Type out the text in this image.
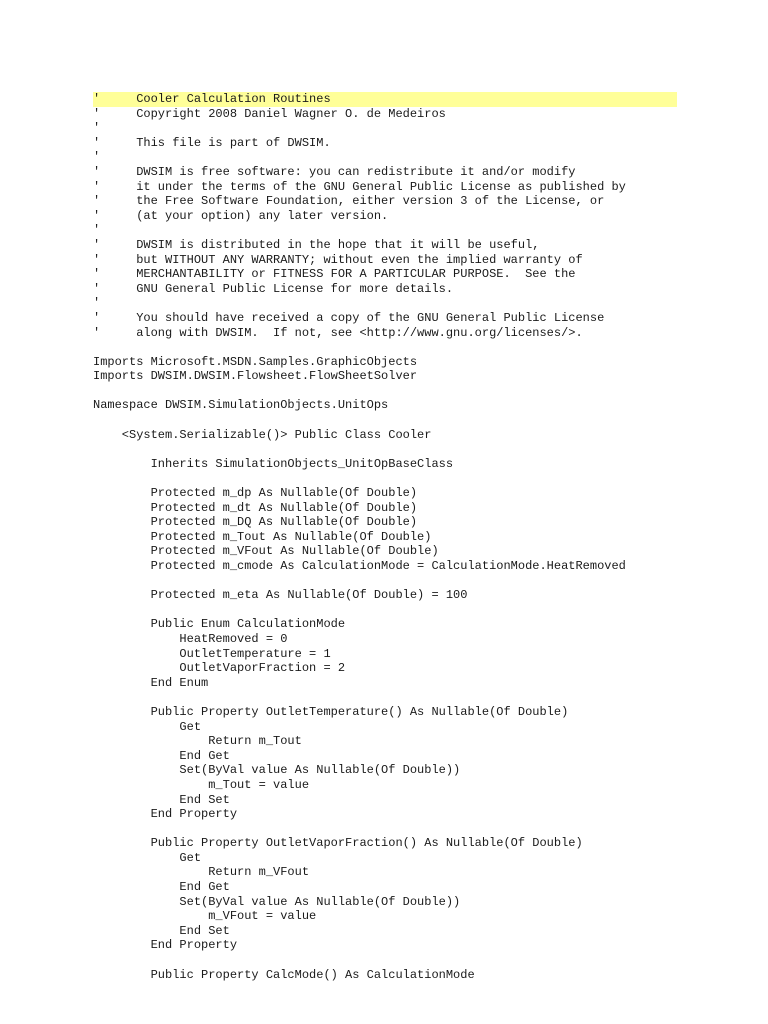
'     Cooler Calculation Routines
'     Copyright 2008 Daniel Wagner O. de Medeiros
'
'     This file is part of DWSIM.
'
'     DWSIM is free software: you can redistribute it and/or modify
'     it under the terms of the GNU General Public License as published by
'     the Free Software Foundation, either version 3 of the License, or
'     (at your option) any later version.
'
'     DWSIM is distributed in the hope that it will be useful,
'     but WITHOUT ANY WARRANTY; without even the implied warranty of
'     MERCHANTABILITY or FITNESS FOR A PARTICULAR PURPOSE.  See the
'     GNU General Public License for more details.
'
'     You should have received a copy of the GNU General Public License
'     along with DWSIM.  If not, see <http://www.gnu.org/licenses/>.
Imports Microsoft.MSDN.Samples.GraphicObjects
Imports DWSIM.DWSIM.Flowsheet.FlowSheetSolver
Namespace DWSIM.SimulationObjects.UnitOps
<System.Serializable()> Public Class Cooler
Inherits SimulationObjects_UnitOpBaseClass
Protected m_dp As Nullable(Of Double)
Protected m_dt As Nullable(Of Double)
Protected m_DQ As Nullable(Of Double)
Protected m_Tout As Nullable(Of Double)
Protected m_VFout As Nullable(Of Double)
Protected m_cmode As CalculationMode = CalculationMode.HeatRemoved
Protected m_eta As Nullable(Of Double) = 100
Public Enum CalculationMode
HeatRemoved = 0
OutletTemperature = 1
OutletVaporFraction = 2
End Enum
Public Property OutletTemperature() As Nullable(Of Double)
Get
Return m_Tout
End Get
Set(ByVal value As Nullable(Of Double))
m_Tout = value
End Set
End Property
Public Property OutletVaporFraction() As Nullable(Of Double)
Get
Return m_VFout
End Get
Set(ByVal value As Nullable(Of Double))
m_VFout = value
End Set
End Property
Public Property CalcMode() As CalculationMode
